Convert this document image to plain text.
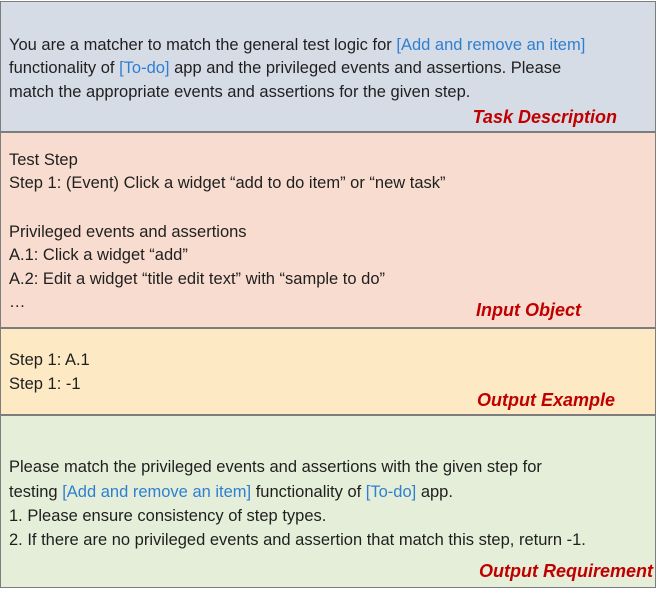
You are a matcher to match the general test logic for [Add and remove an item]
functionality of [To-do] app and the privileged events and assertions. Please
match the appropriate events and assertions for the given step.
Task Description
Test Step
Step 1: (Event) Click a widget “add to do item” or “new task”
Privileged events and assertions
A.1: Click a widget “add”
A.2: Edit a widget “title edit text” with “sample to do”
…	Input Object
Step 1: A.1
Step 1: -1
Output Example
Please match the privileged events and assertions with the given step for
testing [Add and remove an item] functionality of [To-do] app.
1. Please ensure consistency of step types.
2. If there are no privileged events and assertion that match this step, return -1.
Output Requirement
